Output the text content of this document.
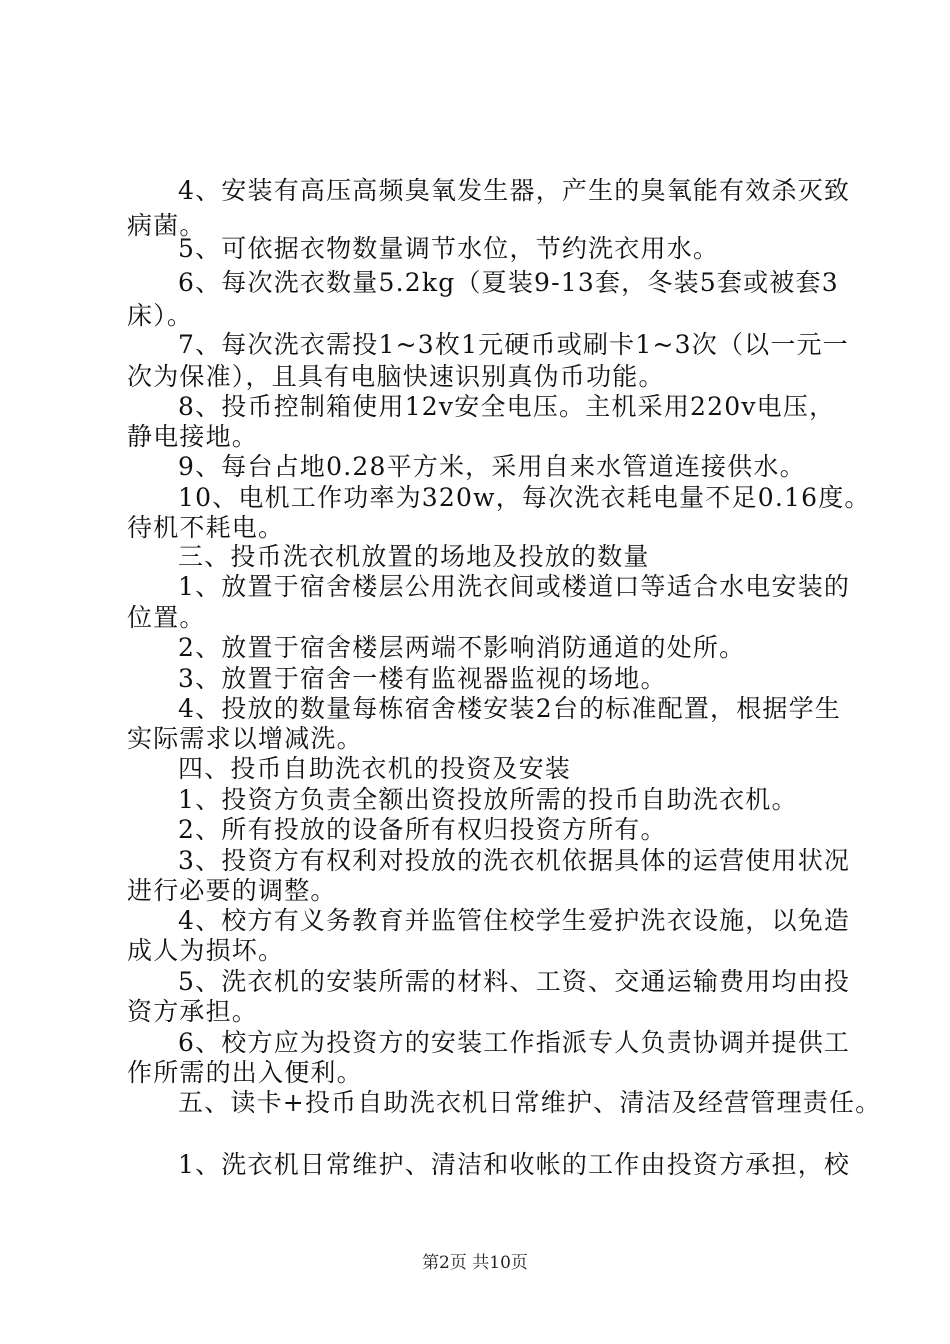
4、安装有高压高频臭氧发生器，产生的臭氧能有效杀灭致
病菌。
5、可依据衣物数量调节水位，节约洗衣用水。
6、每次洗衣数量5.2kg（夏装9-13套，冬装5套或被套3
床）。
7、每次洗衣需投1~3枚1元硬币或刷卡1~3次（以一元一
次为保准），且具有电脑快速识别真伪币功能。
8、投币控制箱使用12v安全电压。主机采用220v电压，
静电接地。
9、每台占地0.28平方米，采用自来水管道连接供水。
10、电机工作功率为320w，每次洗衣耗电量不足0.16度。
待机不耗电。
三、投币洗衣机放置的场地及投放的数量
1、放置于宿舍楼层公用洗衣间或楼道口等适合水电安装的
位置。
2、放置于宿舍楼层两端不影响消防通道的处所。
3、放置于宿舍一楼有监视器监视的场地。
4、投放的数量每栋宿舍楼安装2台的标准配置，根据学生
实际需求以增减洗。
四、投币自助洗衣机的投资及安装
1、投资方负责全额出资投放所需的投币自助洗衣机。
2、所有投放的设备所有权归投资方所有。
3、投资方有权利对投放的洗衣机依据具体的运营使用状况
进行必要的调整。
4、校方有义务教育并监管住校学生爱护洗衣设施，以免造
成人为损坏。
5、洗衣机的安装所需的材料、工资、交通运输费用均由投
资方承担。
6、校方应为投资方的安装工作指派专人负责协调并提供工
作所需的出入便利。
五、读卡+投币自助洗衣机日常维护、清洁及经营管理责任。
1、洗衣机日常维护、清洁和收帐的工作由投资方承担，校
第2页 共10页
